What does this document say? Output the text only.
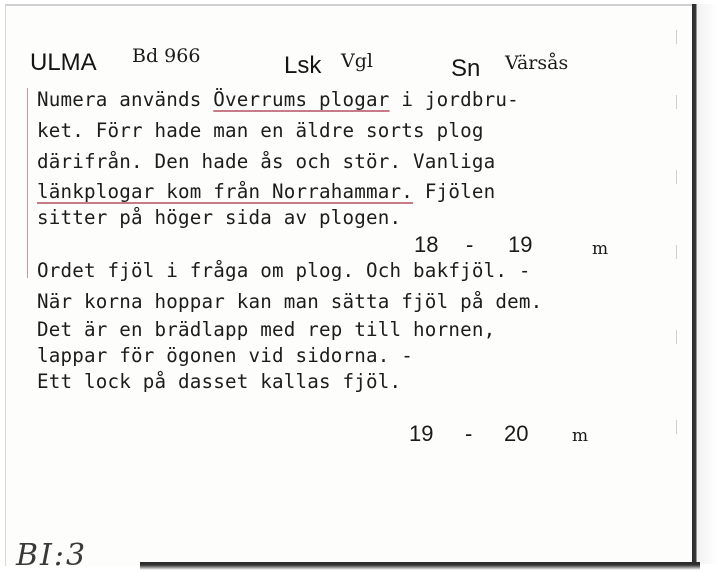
ULMA Bd 966	Lsk Vgl	Sn Värsås
Numera används Överrums plogar i jordbru-
ket. Förr hade man en äldre sorts plog
därifrån. Den hade ås och stör. Vanliga
länkplogar kom från Norrahammar. Fjölen
sitter på höger sida av plogen.
18 - 19	m
Ordet fjöl i fråga om plog. Och bakfjöl. -
När korna hoppar kan man sätta fjöl på dem.
Det är en brädlapp med rep till hornen,
lappar för ögonen vid sidorna. -
Ett lock på dasset kallas fjöl.
19 - 20	m
BI:3
